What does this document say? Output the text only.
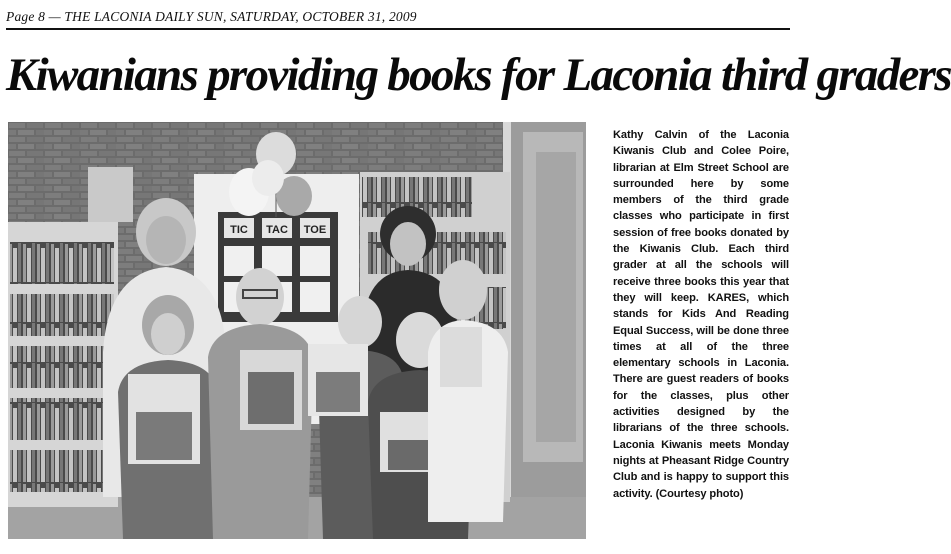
Page 8 — THE LACONIA DAILY SUN, SATURDAY, OCTOBER 31, 2009
Kiwanians providing books for Laconia third graders
TIC TAC TOE
Kathy Calvin of the Laconia Kiwanis Club and Colee Poire, librarian at Elm Street School are surrounded here by some members of the third grade classes who participate in first session of free books donated by the Kiwanis Club. Each third grader at all the schools will receive three books this year that they will keep. KARES, which stands for Kids And Reading Equal Success, will be done three times at all of the three elementary schools in Laconia. There are guest readers of books for the classes, plus other activities designed by the librarians of the three schools. Laconia Kiwanis meets Monday nights at Pheasant Ridge Country Club and is happy to support this activity. (Courtesy photo)
